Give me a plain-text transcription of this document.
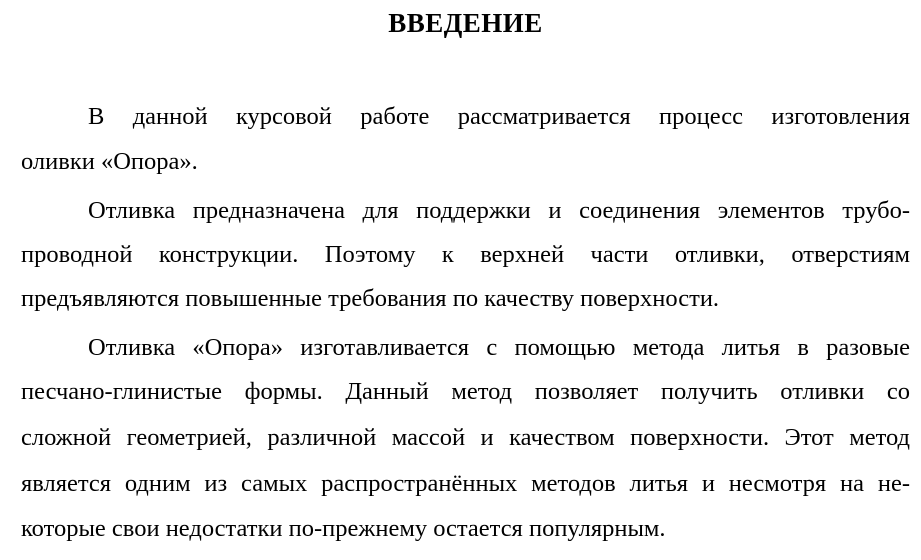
ВВЕДЕНИЕ
В данной курсовой работе рассматривается процесс изготовления
оливки «Опора».
Отливка предназначена для поддержки и соединения элементов трубо-
проводной конструкции. Поэтому к верхней части отливки, отверстиям
предъявляются повышенные требования по качеству поверхности.
Отливка «Опора» изготавливается с помощью метода литья в разовые
песчано-глинистые формы. Данный метод позволяет получить отливки со
сложной геометрией, различной массой и качеством поверхности. Этот метод
является одним из самых распространённых методов литья и несмотря на не-
которые свои недостатки по-прежнему остается популярным.
